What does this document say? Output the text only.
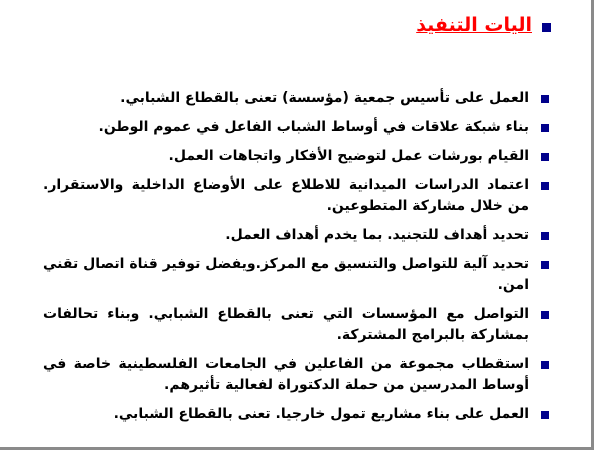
اليات التنفيذ
العمل على تأسيس جمعية (مؤسسة) تعنى بالقطاع الشبابي.
بناء شبكة علاقات في أوساط الشباب الفاعل في عموم الوطن.
القيام بورشات عمل لتوضيح الأفكار واتجاهات العمل.
اعتماد الدراسات الميدانية للاطلاع على الأوضاع الداخلية والاستقرار. من خلال مشاركة المتطوعين.
تحديد أهداف للتجنيد. بما يخدم أهداف العمل.
تحديد آلية للتواصل والتنسيق مع المركز.ويفضل توفير قناة اتصال تقني امن.
التواصل مع المؤسسات التي تعنى بالقطاع الشبابي. وبناء تحالفات بمشاركة بالبرامج المشتركة.
استقطاب مجموعة من الفاعلين في الجامعات الفلسطينية خاصة في أوساط المدرسين من حملة الدكتوراة لفعالية تأثيرهم.
العمل على بناء مشاريع تمول خارجيا. تعنى بالقطاع الشبابي.
